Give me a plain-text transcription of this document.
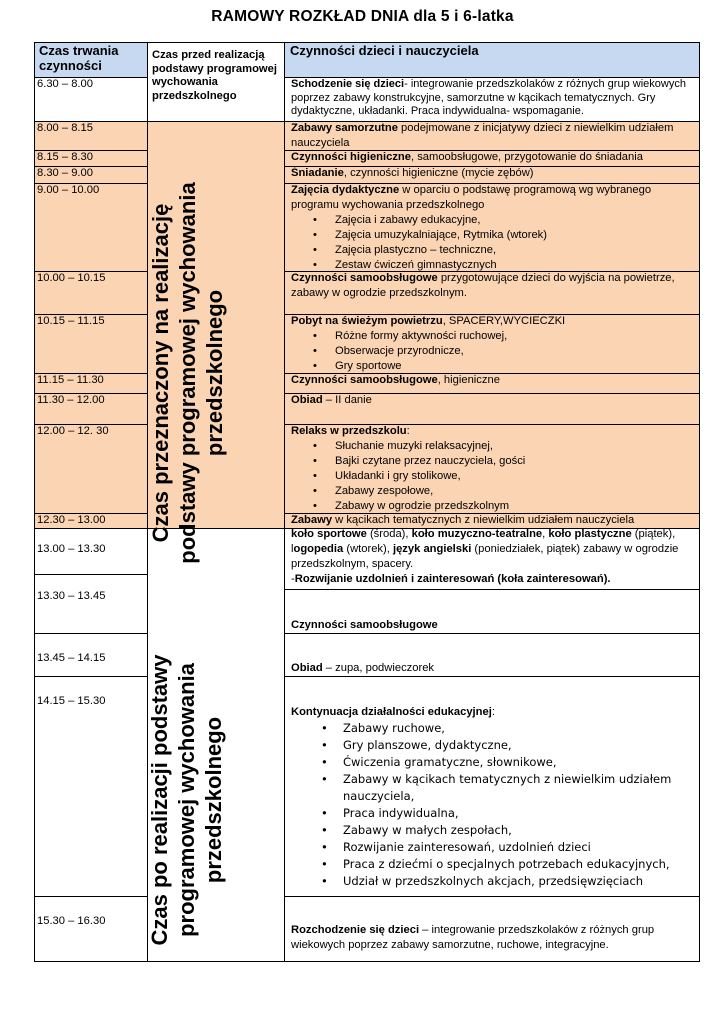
RAMOWY ROZKŁAD DNIA dla 5 i 6-latka
Czas trwania czynności
Czas przed realizacją podstawy programowej wychowania przedszkolnego
Czynności dzieci i nauczyciela
Czas przeznaczony na realizację podstawy programowej wychowania przedszkolnego
Czas po realizacji podstawy programowej wychowania przedszkolnego
6.30 – 8.00
8.00 – 8.15
8.15 – 8.30
8.30 – 9.00
9.00 – 10.00
10.00 – 10.15
10.15 – 11.15
11.15 – 11.30
11.30 – 12.00
12.00 – 12. 30
12.30 – 13.00
13.00 – 13.30
13.30 – 13.45
13.45 – 14.15
14.15 – 15.30
15.30 – 16.30
Schodzenie się dzieci- integrowanie przedszkolaków z różnych grup wiekowych poprzez zabawy konstrukcyjne, samorzutne w kącikach tematycznych. Gry dydaktyczne, układanki. Praca indywidualna- wspomaganie.
Zabawy samorzutne podejmowane z inicjatywy dzieci z niewielkim udziałem nauczyciela
Czynności higieniczne, samoobsługowe, przygotowanie do śniadania
Śniadanie, czynności higieniczne (mycie zębów)
Zajęcia dydaktyczne w oparciu o podstawę programową wg wybranego programu wychowania przedszkolnego
• Zajęcia i zabawy edukacyjne,
• Zajęcia umuzykalniające, Rytmika (wtorek)
• Zajęcia plastyczno – techniczne,
• Zestaw ćwiczeń gimnastycznych
Czynności samoobsługowe przygotowujące dzieci do wyjścia na powietrze, zabawy w ogrodzie przedszkolnym.
Pobyt na świeżym powietrzu, SPACERY,WYCIECZKI
• Różne formy aktywności ruchowej,
• Obserwacje przyrodnicze,
• Gry sportowe
Czynności samoobsługowe, higieniczne
Obiad – II danie
Relaks w przedszkolu:
• Słuchanie muzyki relaksacyjnej,
• Bajki czytane przez nauczyciela, gości
• Układanki i gry stolikowe,
• Zabawy zespołowe,
• Zabawy w ogrodzie przedszkolnym
Zabawy w kącikach tematycznych z niewielkim udziałem nauczyciela
koło sportowe (środa), koło muzyczno-teatralne, koło plastyczne (piątek), logopedia (wtorek), język angielski (poniedziałek, piątek) zabawy w ogrodzie przedszkolnym, spacery.
-Rozwijanie uzdolnień i zainteresowań (koła zainteresowań).
Czynności samoobsługowe
Obiad – zupa, podwieczorek
Kontynuacja działalności edukacyjnej:
• Zabawy ruchowe,
• Gry planszowe, dydaktyczne,
• Ćwiczenia gramatyczne, słownikowe,
• Zabawy w kącikach tematycznych z niewielkim udziałem nauczyciela,
• Praca indywidualna,
• Zabawy w małych zespołach,
• Rozwijanie zainteresowań, uzdolnień dzieci
• Praca z dziećmi o specjalnych potrzebach edukacyjnych,
• Udział w przedszkolnych akcjach, przedsięwzięciach
Rozchodzenie się dzieci – integrowanie przedszkolaków z różnych grup wiekowych poprzez zabawy samorzutne, ruchowe, integracyjne.
